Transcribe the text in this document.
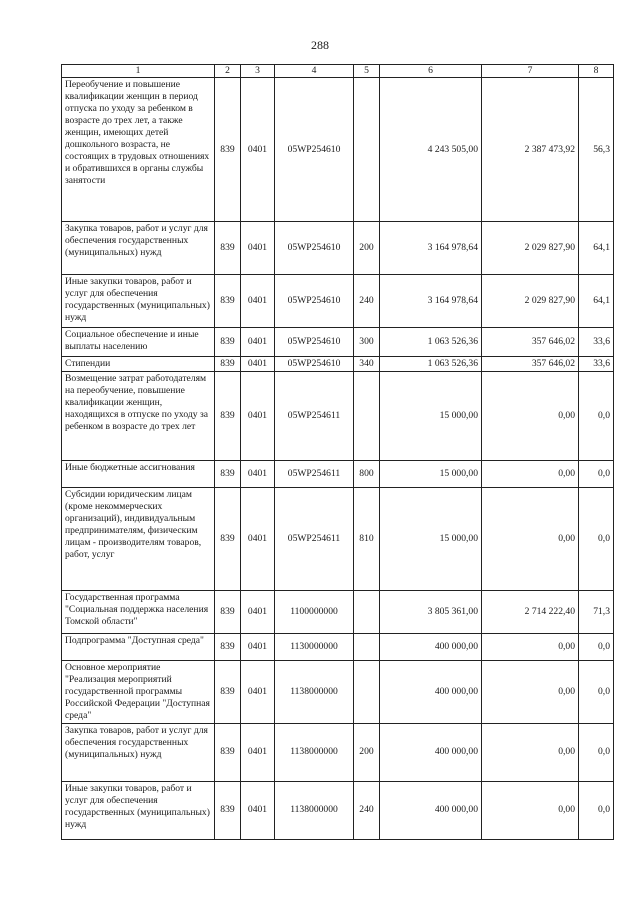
288
1	2	3	4	5	6	7	8
Переобучение и повышение квалификации женщин в период отпуска по уходу за ребенком в возрасте до трех лет, а также женщин, имеющих детей дошкольного возраста, не состоящих в трудовых отношениях и обратившихся в органы службы занятости	839	0401	05WP254610		4 243 505,00	2 387 473,92	56,3
Закупка товаров, работ и услуг для обеспечения государственных (муниципальных) нужд	839	0401	05WP254610	200	3 164 978,64	2 029 827,90	64,1
Иные закупки товаров, работ и услуг для обеспечения государственных (муниципальных) нужд	839	0401	05WP254610	240	3 164 978,64	2 029 827,90	64,1
Социальное обеспечение и иные выплаты населению	839	0401	05WP254610	300	1 063 526,36	357 646,02	33,6
Стипендии	839	0401	05WP254610	340	1 063 526,36	357 646,02	33,6
Возмещение затрат работодателям на переобучение, повышение квалификации женщин, находящихся в отпуске по уходу за ребенком в возрасте до трех лет	839	0401	05WP254611		15 000,00	0,00	0,0
Иные бюджетные ассигнования	839	0401	05WP254611	800	15 000,00	0,00	0,0
Субсидии юридическим лицам (кроме некоммерческих организаций), индивидуальным предпринимателям, физическим лицам - производителям товаров, работ, услуг	839	0401	05WP254611	810	15 000,00	0,00	0,0
Государственная программа "Социальная поддержка населения Томской области"	839	0401	1100000000		3 805 361,00	2 714 222,40	71,3
Подпрограмма "Доступная среда"	839	0401	1130000000		400 000,00	0,00	0,0
Основное мероприятие "Реализация мероприятий государственной программы Российской Федерации "Доступная среда"	839	0401	1138000000		400 000,00	0,00	0,0
Закупка товаров, работ и услуг для обеспечения государственных (муниципальных) нужд	839	0401	1138000000	200	400 000,00	0,00	0,0
Иные закупки товаров, работ и услуг для обеспечения государственных (муниципальных) нужд	839	0401	1138000000	240	400 000,00	0,00	0,0
